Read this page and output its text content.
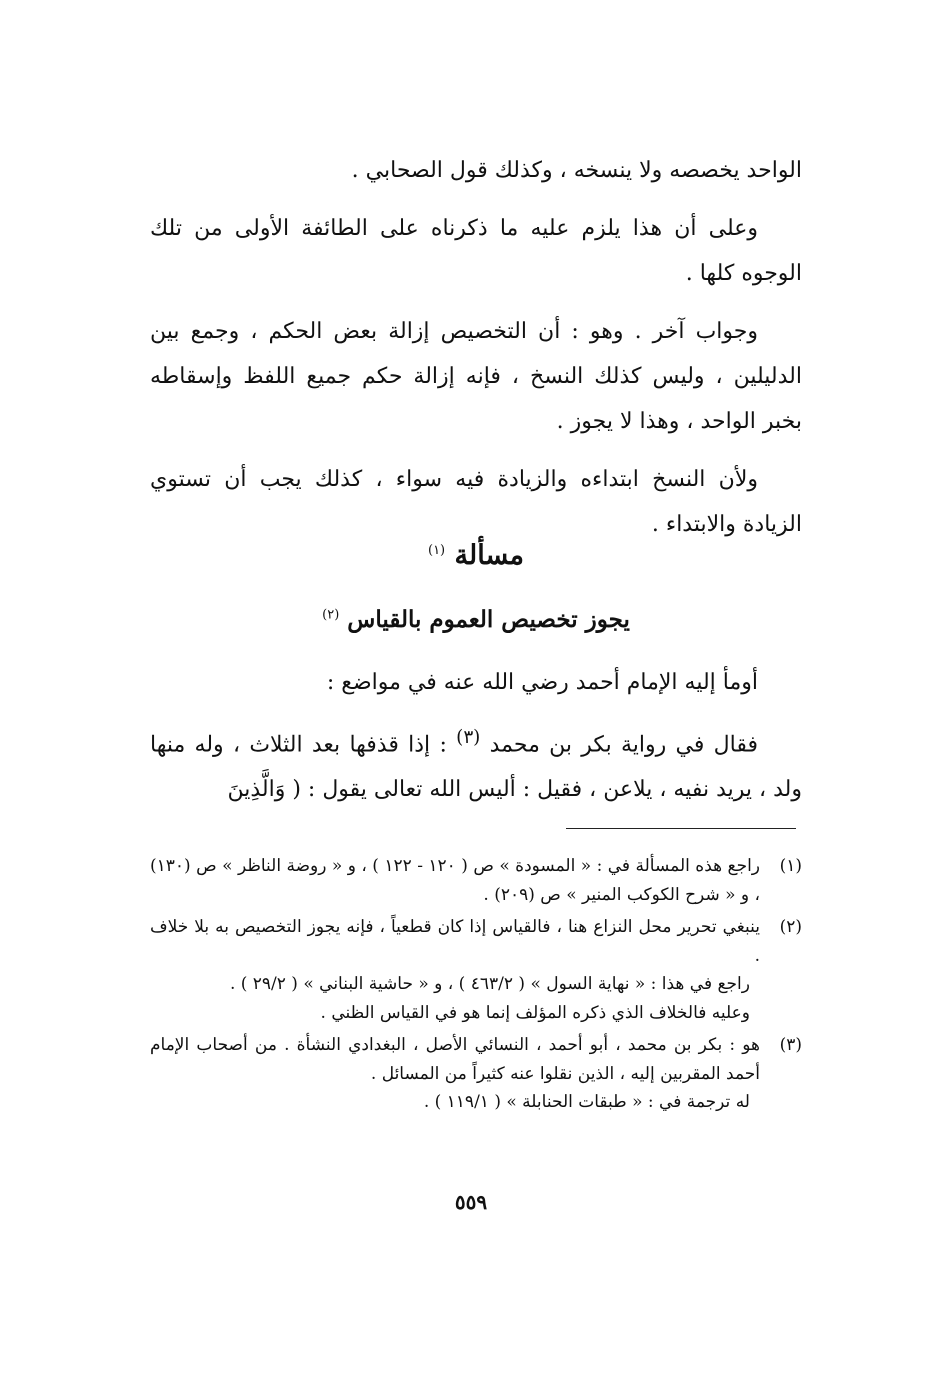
الواحد يخصصه ولا ينسخه ، وكذلك قول الصحابي .

وعلى أن هذا يلزم عليه ما ذكرناه على الطائفة الأولى من تلك الوجوه كلها .

وجواب آخر . وهو : أن التخصيص إزالة بعض الحكم ، وجمع بين الدليلين ، وليس كذلك النسخ ، فإنه إزالة حكم جميع اللفظ وإسقاطه بخبر الواحد ، وهذا لا يجوز .

ولأن النسخ ابتداءه والزيادة فيه سواء ، كذلك يجب أن تستوي الزيادة والابتداء .

مسألة $^{(١)}$
يجوز تخصيص العموم بالقياس $^{(٢)}$

أومأ إليه الإمام أحمد رضي الله عنه في مواضع :

فقال في رواية بكر بن محمد $^{(٣)}$ : إذا قذفها بعد الثلاث ، وله منها ولد ، يريد نفيه ، يلاعن ، فقيل : أليس الله تعالى يقول : ( وَالَّذِينَ

(١)
راجع هذه المسألة في : « المسودة » ص ( ١٢٠ - ١٢٢ ) ، و « روضة الناظر » ص (١٣٠) ، و « شرح الكوكب المنير » ص (٢٠٩) .
(٢)
ينبغي تحرير محل النزاع هنا ، فالقياس إذا كان قطعياً ، فإنه يجوز التخصيص به بلا خلاف .
راجع في هذا : « نهاية السول » ( ٤٦٣/٢ ) ، و « حاشية البناني » ( ٢٩/٢ ) .
وعليه فالخلاف الذي ذكره المؤلف إنما هو في القياس الظني .
(٣)
هو : بكر بن محمد ، أبو أحمد ، النسائي الأصل ، البغدادي النشأة . من أصحاب الإمام أحمد المقربين إليه ، الذين نقلوا عنه كثيراً من المسائل .
له ترجمة في : « طبقات الحنابلة » ( ١١٩/١ ) .
٥٥٩
